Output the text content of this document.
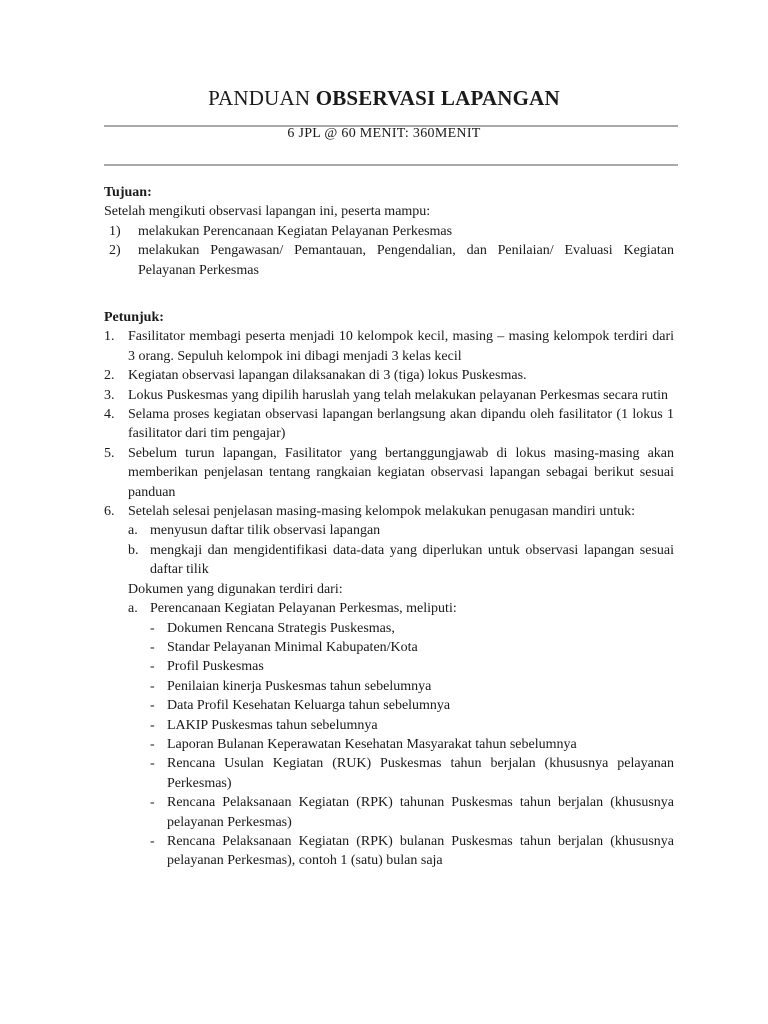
PANDUAN OBSERVASI LAPANGAN
6 JPL @ 60 MENIT: 360MENIT
Tujuan:
Setelah mengikuti observasi lapangan ini, peserta mampu:
1)	melakukan Perencanaan Kegiatan Pelayanan Perkesmas
2)	melakukan Pengawasan/ Pemantauan, Pengendalian, dan Penilaian/ Evaluasi Kegiatan Pelayanan Perkesmas
Petunjuk:
1. Fasilitator membagi peserta menjadi 10 kelompok kecil, masing – masing kelompok terdiri dari 3 orang. Sepuluh kelompok ini dibagi menjadi 3 kelas kecil
2. Kegiatan observasi lapangan dilaksanakan di 3 (tiga) lokus Puskesmas.
3. Lokus Puskesmas yang dipilih haruslah yang telah melakukan pelayanan Perkesmas secara rutin
4. Selama proses kegiatan observasi lapangan berlangsung akan dipandu oleh fasilitator (1 lokus 1 fasilitator dari tim pengajar)
5. Sebelum turun lapangan, Fasilitator yang bertanggungjawab di lokus masing-masing akan memberikan penjelasan tentang rangkaian kegiatan observasi lapangan sebagai berikut sesuai panduan
6. Setelah selesai penjelasan masing-masing kelompok melakukan penugasan mandiri untuk:
a. menyusun daftar tilik observasi lapangan
b. mengkaji dan mengidentifikasi data-data yang diperlukan untuk observasi lapangan sesuai daftar tilik
Dokumen yang digunakan terdiri dari:
a. Perencanaan Kegiatan Pelayanan Perkesmas, meliputi:
- Dokumen Rencana Strategis Puskesmas,
- Standar Pelayanan Minimal Kabupaten/Kota
- Profil Puskesmas
- Penilaian kinerja Puskesmas tahun sebelumnya
- Data Profil Kesehatan Keluarga tahun sebelumnya
- LAKIP Puskesmas tahun sebelumnya
- Laporan Bulanan Keperawatan Kesehatan Masyarakat tahun sebelumnya
- Rencana Usulan Kegiatan (RUK) Puskesmas tahun berjalan (khususnya pelayanan Perkesmas)
- Rencana Pelaksanaan Kegiatan (RPK) tahunan Puskesmas tahun berjalan (khususnya pelayanan Perkesmas)
- Rencana Pelaksanaan Kegiatan (RPK) bulanan Puskesmas tahun berjalan (khususnya pelayanan Perkesmas), contoh 1 (satu) bulan saja
